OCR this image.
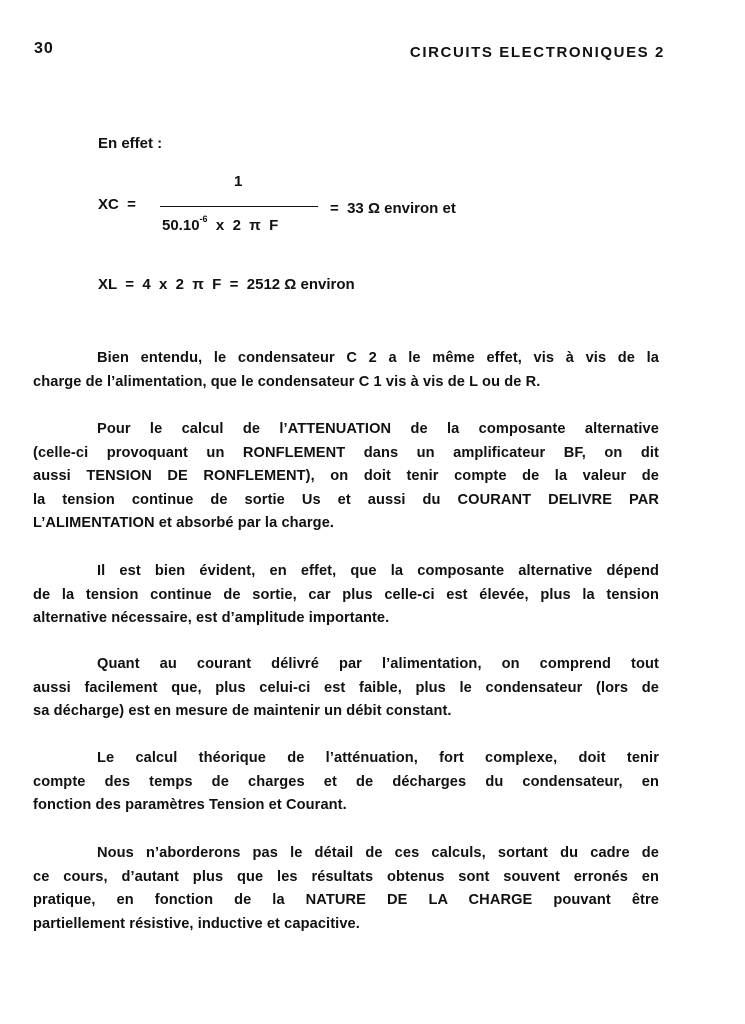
30	CIRCUITS ELECTRONIQUES 2
En effet :
XC  =
1
$50.10^{-6}$  x  2  π  F
=  33 Ω environ et
XL  =  4  x  2  π  F  =  2512 Ω environ
Bien entendu, le condensateur C 2 a le même effet, vis à vis de la
charge de l’alimentation, que le condensateur C 1 vis à vis de L ou de R.
Pour le calcul de l’ATTENUATION de la composante alternative
(celle-ci provoquant un RONFLEMENT dans un amplificateur BF, on dit
aussi TENSION DE RONFLEMENT), on doit tenir compte de la valeur de
la tension continue de sortie Us et aussi du COURANT DELIVRE PAR
L’ALIMENTATION et absorbé par la charge.
Il est bien évident, en effet, que la composante alternative dépend
de la tension continue de sortie, car plus celle-ci est élevée, plus la tension
alternative nécessaire, est d’amplitude importante.
Quant au courant délivré par l’alimentation, on comprend tout
aussi facilement que, plus celui-ci est faible, plus le condensateur (lors de
sa décharge) est en mesure de maintenir un débit constant.
Le calcul théorique de l’atténuation, fort complexe, doit tenir
compte des temps de charges et de décharges du condensateur, en
fonction des paramètres Tension et Courant.
Nous n’aborderons pas le détail de ces calculs, sortant du cadre de
ce cours, d’autant plus que les résultats obtenus sont souvent erronés en
pratique, en fonction de la NATURE DE LA CHARGE pouvant être
partiellement résistive, inductive et capacitive.
